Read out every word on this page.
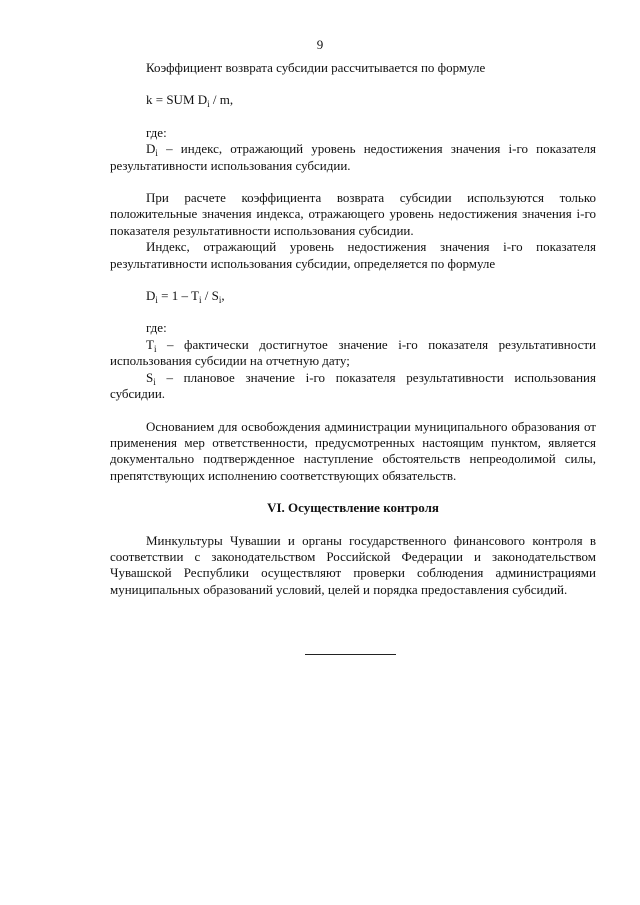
9

Коэффициент возврата субсидии рассчитывается по формуле

k = SUM $D_i$ / m,

где:

$D_i$ – индекс, отражающий уровень недостижения значения i-го показателя результативности использования субсидии.

При расчете коэффициента возврата субсидии используются только положительные значения индекса, отражающего уровень недостижения значения i-го показателя результативности использования субсидии.

Индекс, отражающий уровень недостижения значения i-го показателя результативности использования субсидии, определяется по формуле

$D_i = 1 - T_i / S_i$,

где:

$T_i$ – фактически достигнутое значение i-го показателя результативности использования субсидии на отчетную дату;

$S_i$ – плановое значение i-го показателя результативности использования субсидии.

Основанием для освобождения администрации муниципального образования от применения мер ответственности, предусмотренных настоящим пунктом, является документально подтвержденное наступление обстоятельств непреодолимой силы, препятствующих исполнению соответствующих обязательств.

VI. Осуществление контроля

Минкультуры Чувашии и органы государственного финансового контроля в соответствии с законодательством Российской Федерации и законодательством Чувашской Республики осуществляют проверки соблюдения администрациями муниципальных образований условий, целей и порядка предоставления субсидий.
